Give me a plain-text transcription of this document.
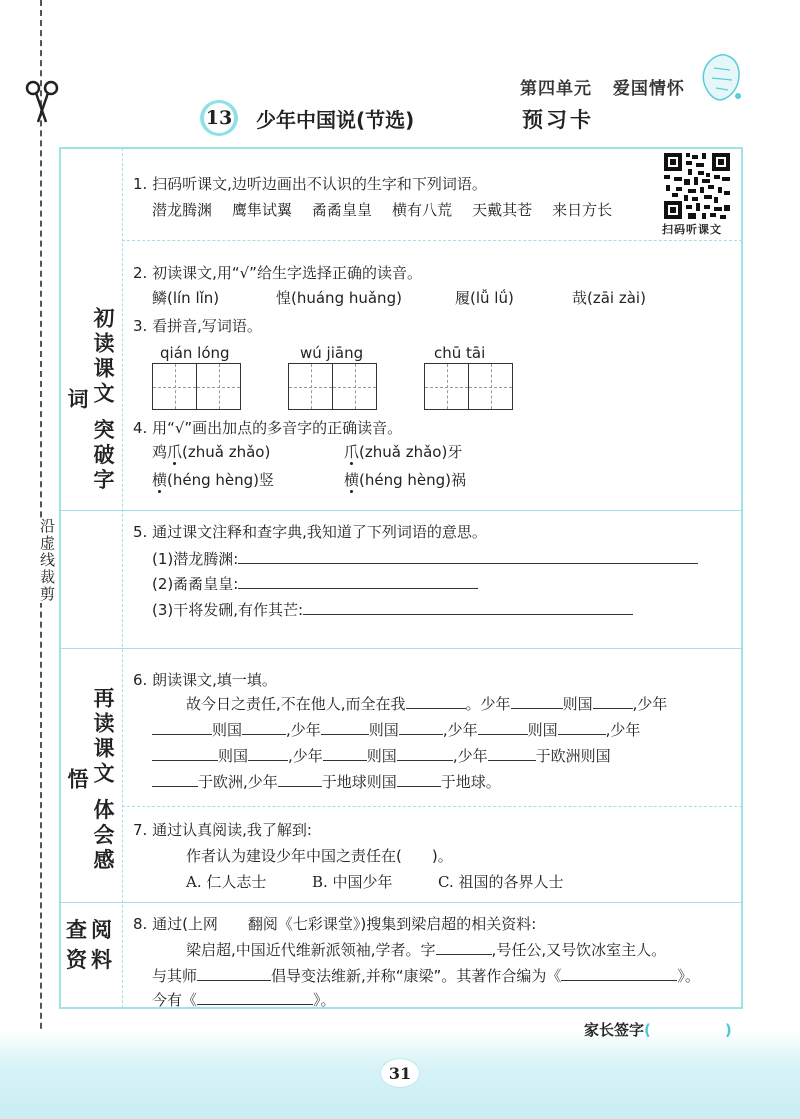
沿虚线裁剪
第四单元 爱国情怀
13 少年中国说(节选)	预习卡
初读课文 突破字词
再读课文 体会感悟
查阅资料
1. 扫码听课文,边听边画出不认识的生字和下列词语。
潜龙腾渊 鹰隼试翼 矞矞皇皇 横有八荒 天戴其苍 来日方长
扫码听课文
2. 初读课文,用“√”给生字选择正确的读音。
鳞(lín lǐn)	惶(huáng huǎng)	履(lǚ lǘ)	哉(zāi zài)
3. 看拼音,写词语。
qián lóng	wú jiāng	chū tāi
4. 用“√”画出加点的多音字的正确读音。
鸡爪(zhuǎ zhǎo)	爪(zhuǎ zhǎo)牙
横(héng hèng)竖	横(héng hèng)祸
5. 通过课文注释和查字典,我知道了下列词语的意思。
(1)潜龙腾渊:
(2)矞矞皇皇:
(3)干将发硎,有作其芒:
6. 朗读课文,填一填。
故今日之责任,不在他人,而全在我	。少年	则国	,少年
则国	,少年	则国	,少年	则国	,少年
则国	,少年	则国	,少年	于欧洲则国
于欧洲,少年	于地球则国	于地球。
7. 通过认真阅读,我了解到:
作者认为建设少年中国之责任在(　　)。
A. 仁人志士	B. 中国少年	C. 祖国的各界人士
8. 通过(上网　　翻阅《七彩课堂》)搜集到梁启超的相关资料:
梁启超,中国近代维新派领袖,学者。字	,号任公,又号饮冰室主人。
与其师	倡导变法维新,并称“康梁”。其著作合编为《	》。
今有《	》。
家长签字(	)
31
